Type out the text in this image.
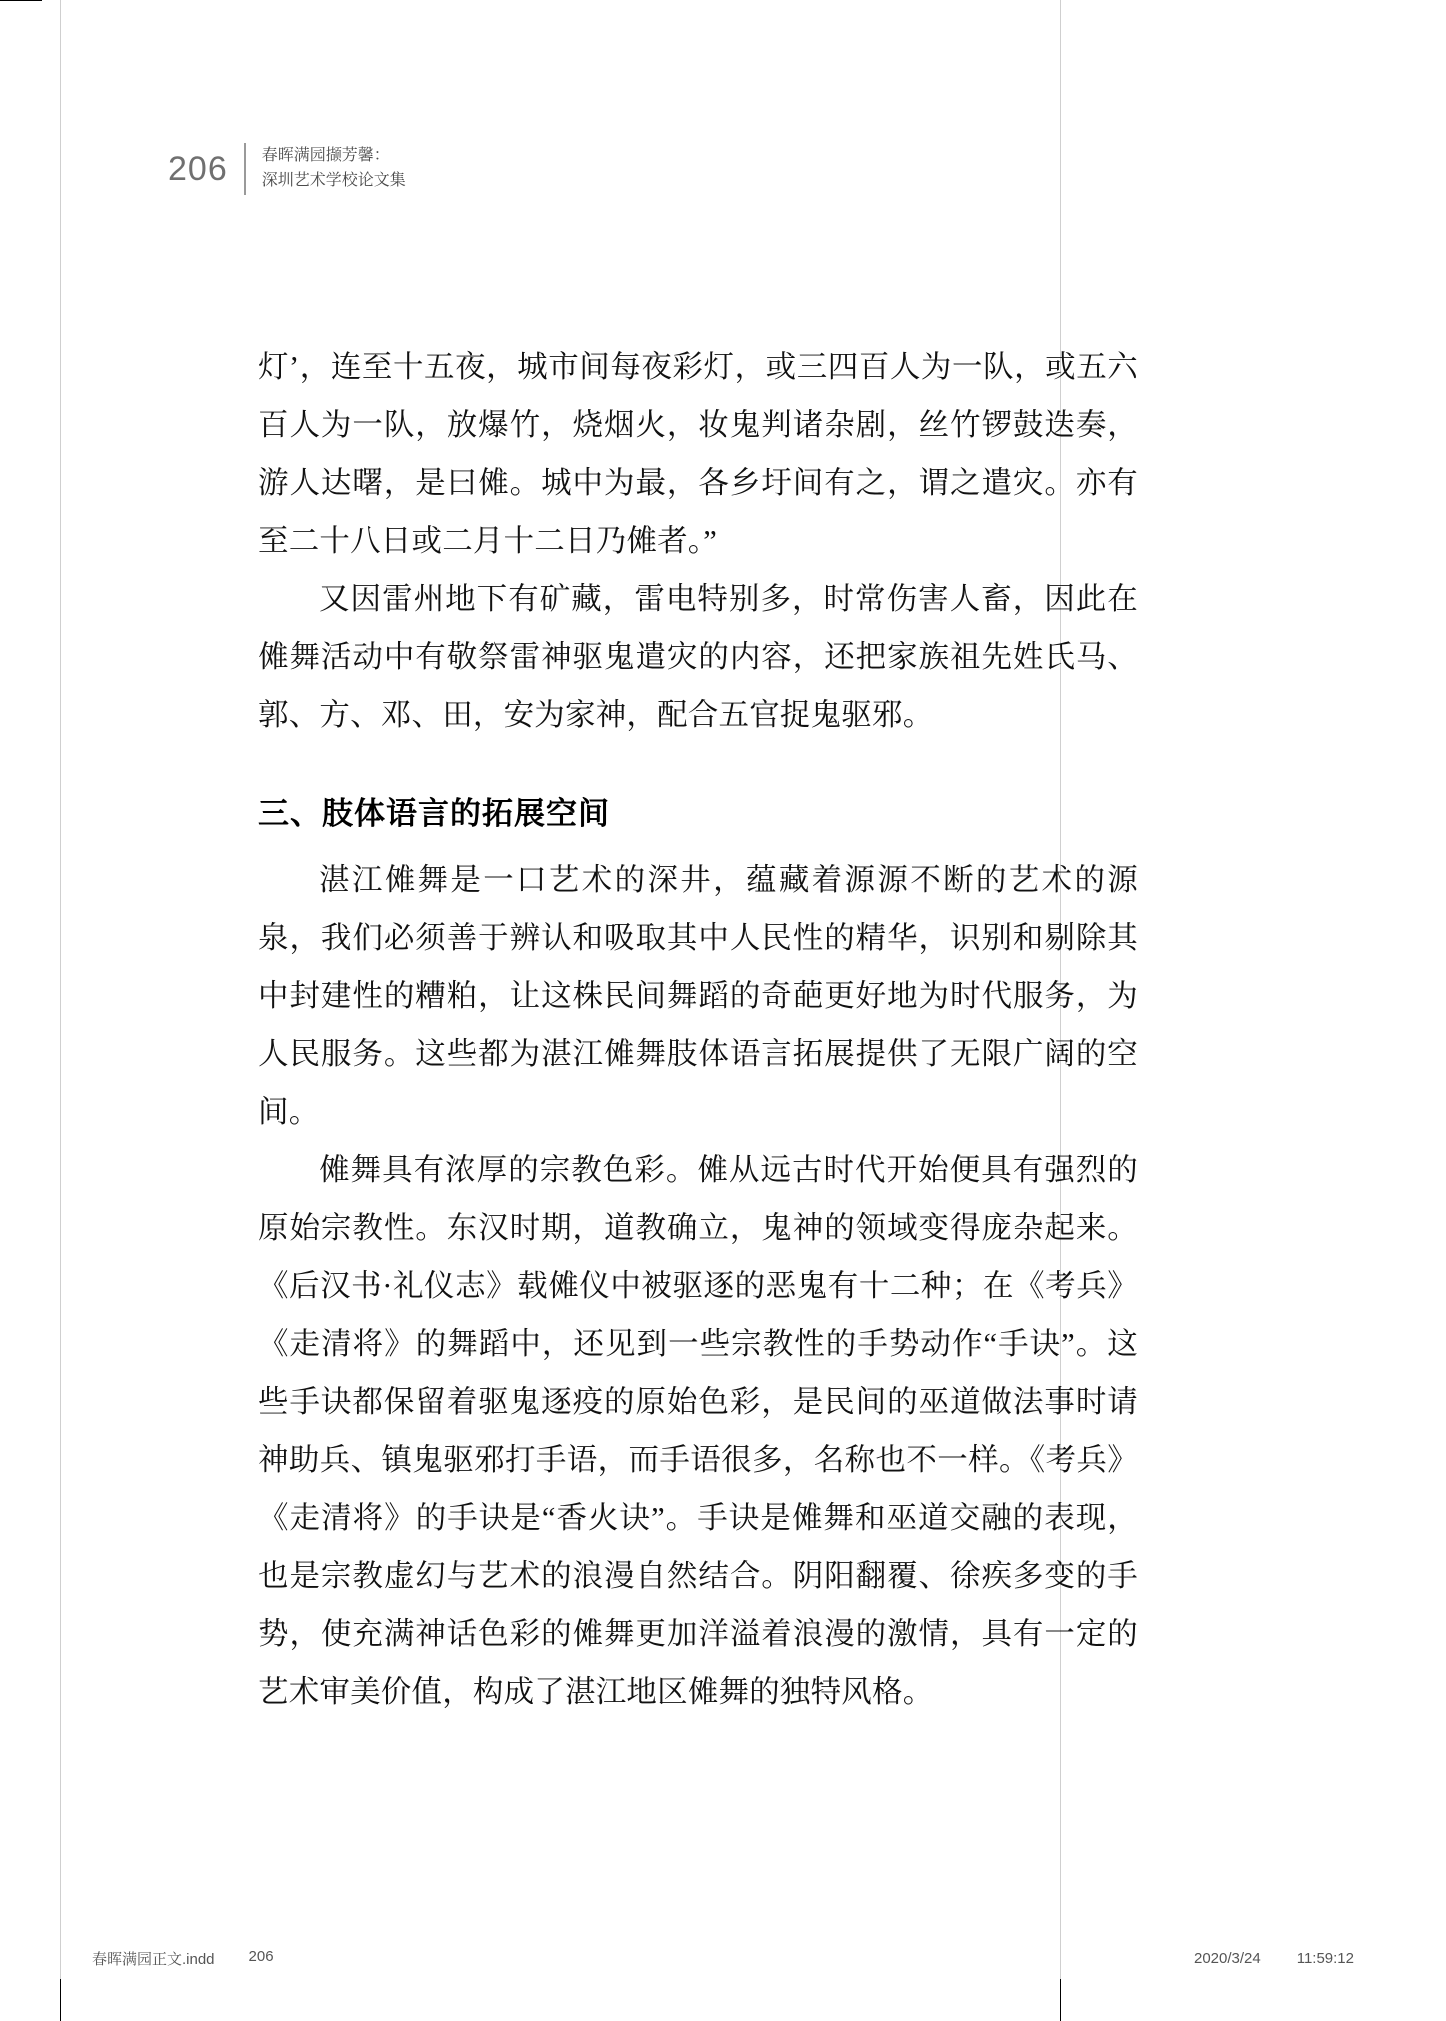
206	春晖满园撷芳馨：
深圳艺术学校论文集

灯’，连至十五夜，城市间每夜彩灯，或三四百人为一队，或五六百人为一队，放爆竹，烧烟火，妆鬼判诸杂剧，丝竹锣鼓迭奏，游人达曙，是曰傩。城中为最，各乡圩间有之，谓之遣灾。亦有至二十八日或二月十二日乃傩者。”

又因雷州地下有矿藏，雷电特别多，时常伤害人畜，因此在傩舞活动中有敬祭雷神驱鬼遣灾的内容，还把家族祖先姓氏马、郭、方、邓、田，安为家神，配合五官捉鬼驱邪。

三、肢体语言的拓展空间

湛江傩舞是一口艺术的深井，蕴藏着源源不断的艺术的源泉，我们必须善于辨认和吸取其中人民性的精华，识别和剔除其中封建性的糟粕，让这株民间舞蹈的奇葩更好地为时代服务，为人民服务。这些都为湛江傩舞肢体语言拓展提供了无限广阔的空间。

傩舞具有浓厚的宗教色彩。傩从远古时代开始便具有强烈的原始宗教性。东汉时期，道教确立，鬼神的领域变得庞杂起来。《后汉书·礼仪志》载傩仪中被驱逐的恶鬼有十二种；在《考兵》《走清将》的舞蹈中，还见到一些宗教性的手势动作“手诀”。这些手诀都保留着驱鬼逐疫的原始色彩，是民间的巫道做法事时请神助兵、镇鬼驱邪打手语，而手语很多，名称也不一样。《考兵》《走清将》的手诀是“香火诀”。手诀是傩舞和巫道交融的表现，也是宗教虚幻与艺术的浪漫自然结合。阴阳翻覆、徐疾多变的手势，使充满神话色彩的傩舞更加洋溢着浪漫的激情，具有一定的艺术审美价值，构成了湛江地区傩舞的独特风格。

春晖满园正文.indd 206	2020/3/24 11:59:12
